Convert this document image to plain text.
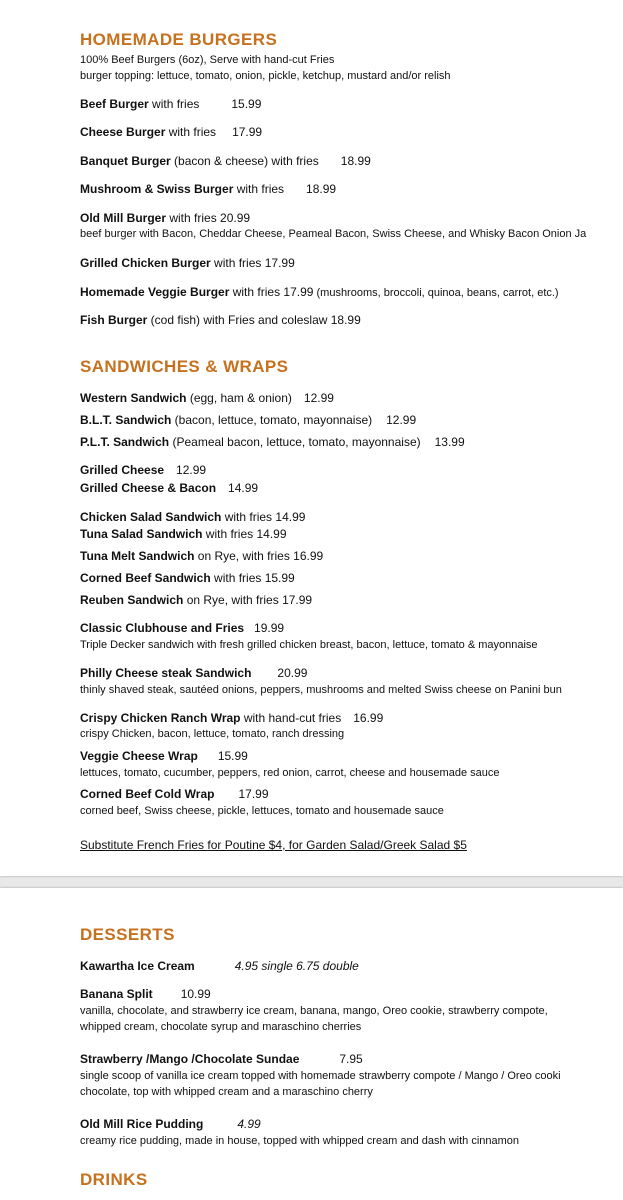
HOMEMADE BURGERS
100% Beef Burgers (6oz), Serve with hand-cut Fries
burger topping: lettuce, tomato, onion, pickle, ketchup, mustard and/or relish
Beef Burger with fries	15.99
Cheese Burger with fries 17.99
Banquet Burger (bacon & cheese) with fries 18.99
Mushroom & Swiss Burger with fries 18.99
Old Mill Burger with fries 20.99
beef burger with Bacon, Cheddar Cheese, Peameal Bacon, Swiss Cheese, and Whisky Bacon Onion Ja
Grilled Chicken Burger with fries 17.99
Homemade Veggie Burger with fries 17.99 (mushrooms, broccoli, quinoa, beans, carrot, etc.)
Fish Burger (cod fish) with Fries and coleslaw 18.99
SANDWICHES & WRAPS
Western Sandwich (egg, ham & onion) 12.99
B.L.T. Sandwich (bacon, lettuce, tomato, mayonnaise) 12.99
P.L.T. Sandwich (Peameal bacon, lettuce, tomato, mayonnaise) 13.99
Grilled Cheese 12.99
Grilled Cheese & Bacon 14.99
Chicken Salad Sandwich with fries 14.99
Tuna Salad Sandwich with fries 14.99
Tuna Melt Sandwich on Rye, with fries 16.99
Corned Beef Sandwich with fries 15.99
Reuben Sandwich on Rye, with fries 17.99
Classic Clubhouse and Fries 19.99
Triple Decker sandwich with fresh grilled chicken breast, bacon, lettuce, tomato & mayonnaise
Philly Cheese steak Sandwich 20.99
thinly shaved steak, sautéed onions, peppers, mushrooms and melted Swiss cheese on Panini bun
Crispy Chicken Ranch Wrap with hand-cut fries 16.99
crispy Chicken, bacon, lettuce, tomato, ranch dressing
Veggie Cheese Wrap 15.99
lettuces, tomato, cucumber, peppers, red onion, carrot, cheese and housemade sauce
Corned Beef Cold Wrap 17.99
corned beef, Swiss cheese, pickle, lettuces, tomato and housemade sauce
Substitute French Fries for Poutine $4, for Garden Salad/Greek Salad $5
DESSERTS
Kawartha Ice Cream	4.95 single 6.75 double
Banana Split 10.99
vanilla, chocolate, and strawberry ice cream, banana, mango, Oreo cookie, strawberry compote,
whipped cream, chocolate syrup and maraschino cherries
Strawberry /Mango /Chocolate Sundae	7.95
single scoop of vanilla ice cream topped with homemade strawberry compote / Mango / Oreo cooki
chocolate, top with whipped cream and a maraschino cherry
Old Mill Rice Pudding	4.99
creamy rice pudding, made in house, topped with whipped cream and dash with cinnamon
DRINKS
